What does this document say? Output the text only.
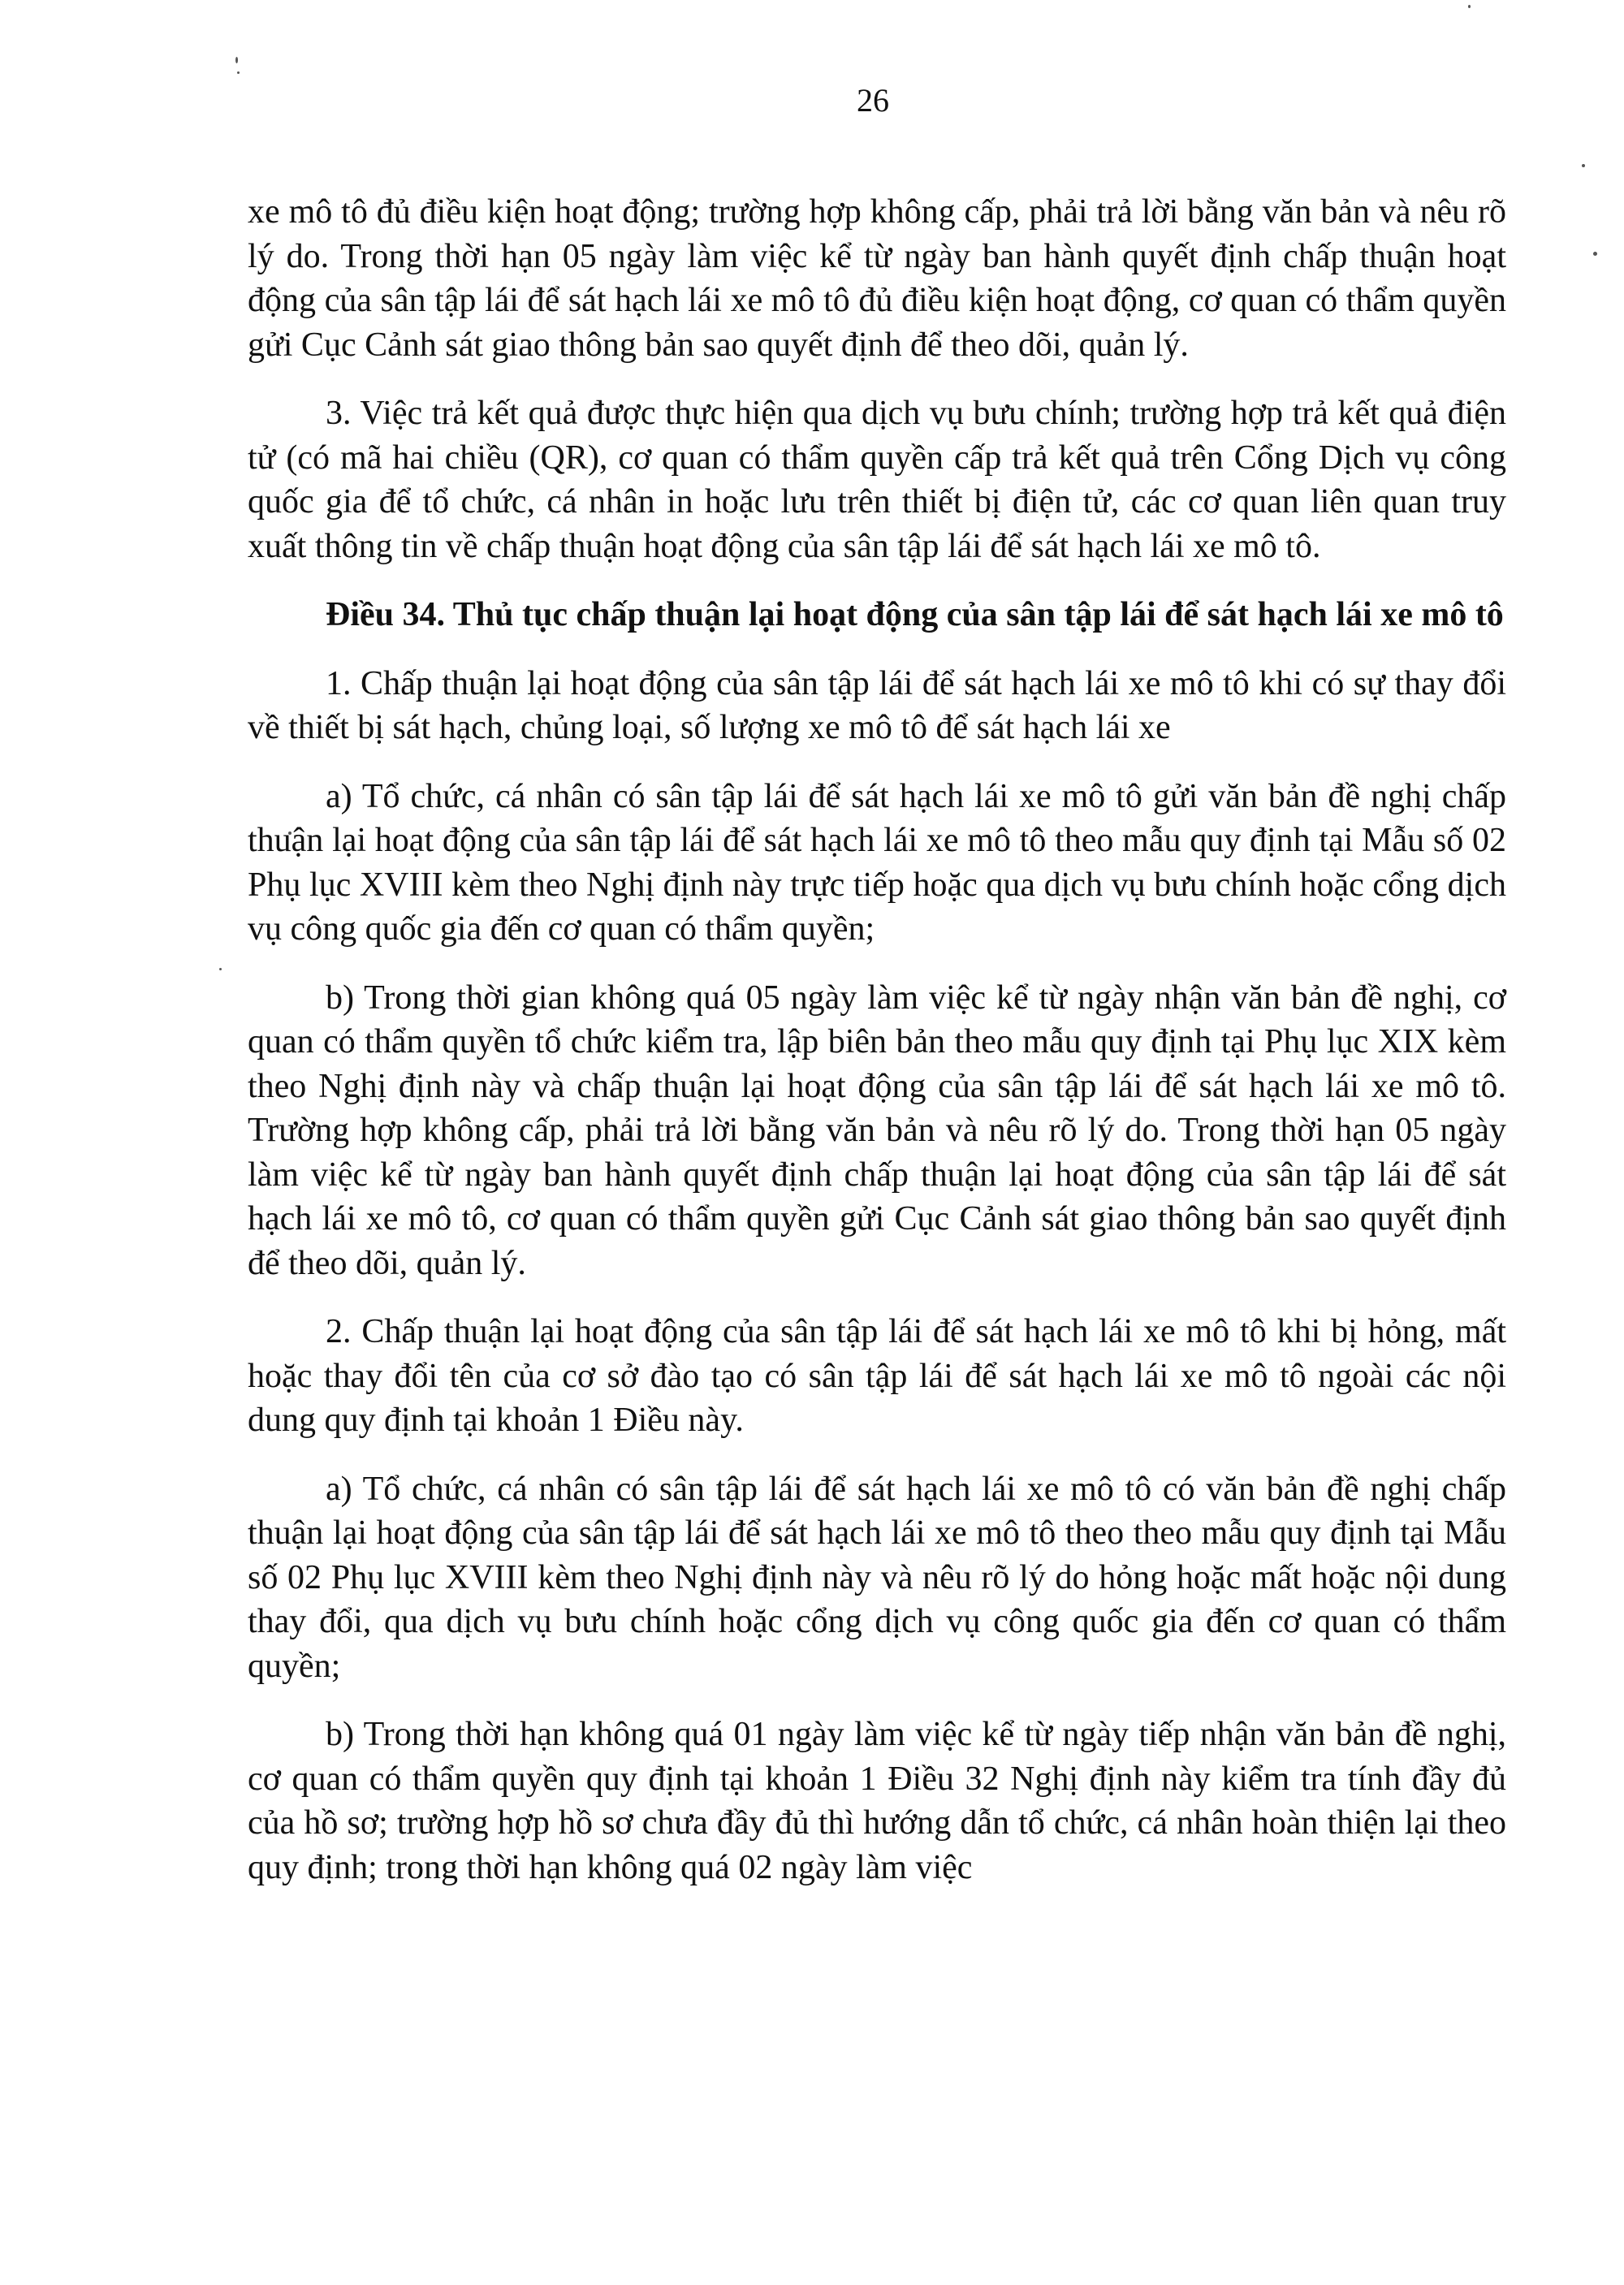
26

xe mô tô đủ điều kiện hoạt động; trường hợp không cấp, phải trả lời bằng văn bản và nêu rõ lý do. Trong thời hạn 05 ngày làm việc kể từ ngày ban hành quyết định chấp thuận hoạt động của sân tập lái để sát hạch lái xe mô tô đủ điều kiện hoạt động, cơ quan có thẩm quyền gửi Cục Cảnh sát giao thông bản sao quyết định để theo dõi, quản lý.

3. Việc trả kết quả được thực hiện qua dịch vụ bưu chính; trường hợp trả kết quả điện tử (có mã hai chiều (QR), cơ quan có thẩm quyền cấp trả kết quả trên Cổng Dịch vụ công quốc gia để tổ chức, cá nhân in hoặc lưu trên thiết bị điện tử, các cơ quan liên quan truy xuất thông tin về chấp thuận hoạt động của sân tập lái để sát hạch lái xe mô tô.

Điều 34. Thủ tục chấp thuận lại hoạt động của sân tập lái để sát hạch lái xe mô tô

1. Chấp thuận lại hoạt động của sân tập lái để sát hạch lái xe mô tô khi có sự thay đổi về thiết bị sát hạch, chủng loại, số lượng xe mô tô để sát hạch lái xe

a) Tổ chức, cá nhân có sân tập lái để sát hạch lái xe mô tô gửi văn bản đề nghị chấp thuận lại hoạt động của sân tập lái để sát hạch lái xe mô tô theo mẫu quy định tại Mẫu số 02 Phụ lục XVIII kèm theo Nghị định này trực tiếp hoặc qua dịch vụ bưu chính hoặc cổng dịch vụ công quốc gia đến cơ quan có thẩm quyền;

b) Trong thời gian không quá 05 ngày làm việc kể từ ngày nhận văn bản đề nghị, cơ quan có thẩm quyền tổ chức kiểm tra, lập biên bản theo mẫu quy định tại Phụ lục XIX kèm theo Nghị định này và chấp thuận lại hoạt động của sân tập lái để sát hạch lái xe mô tô. Trường hợp không cấp, phải trả lời bằng văn bản và nêu rõ lý do. Trong thời hạn 05 ngày làm việc kể từ ngày ban hành quyết định chấp thuận lại hoạt động của sân tập lái để sát hạch lái xe mô tô, cơ quan có thẩm quyền gửi Cục Cảnh sát giao thông bản sao quyết định để theo dõi, quản lý.

2. Chấp thuận lại hoạt động của sân tập lái để sát hạch lái xe mô tô khi bị hỏng, mất hoặc thay đổi tên của cơ sở đào tạo có sân tập lái để sát hạch lái xe mô tô ngoài các nội dung quy định tại khoản 1 Điều này.

a) Tổ chức, cá nhân có sân tập lái để sát hạch lái xe mô tô có văn bản đề nghị chấp thuận lại hoạt động của sân tập lái để sát hạch lái xe mô tô theo theo mẫu quy định tại Mẫu số 02 Phụ lục XVIII kèm theo Nghị định này và nêu rõ lý do hỏng hoặc mất hoặc nội dung thay đổi, qua dịch vụ bưu chính hoặc cổng dịch vụ công quốc gia đến cơ quan có thẩm quyền;

b) Trong thời hạn không quá 01 ngày làm việc kể từ ngày tiếp nhận văn bản đề nghị, cơ quan có thẩm quyền quy định tại khoản 1 Điều 32 Nghị định này kiểm tra tính đầy đủ của hồ sơ; trường hợp hồ sơ chưa đầy đủ thì hướng dẫn tổ chức, cá nhân hoàn thiện lại theo quy định; trong thời hạn không quá 02 ngày làm việc
